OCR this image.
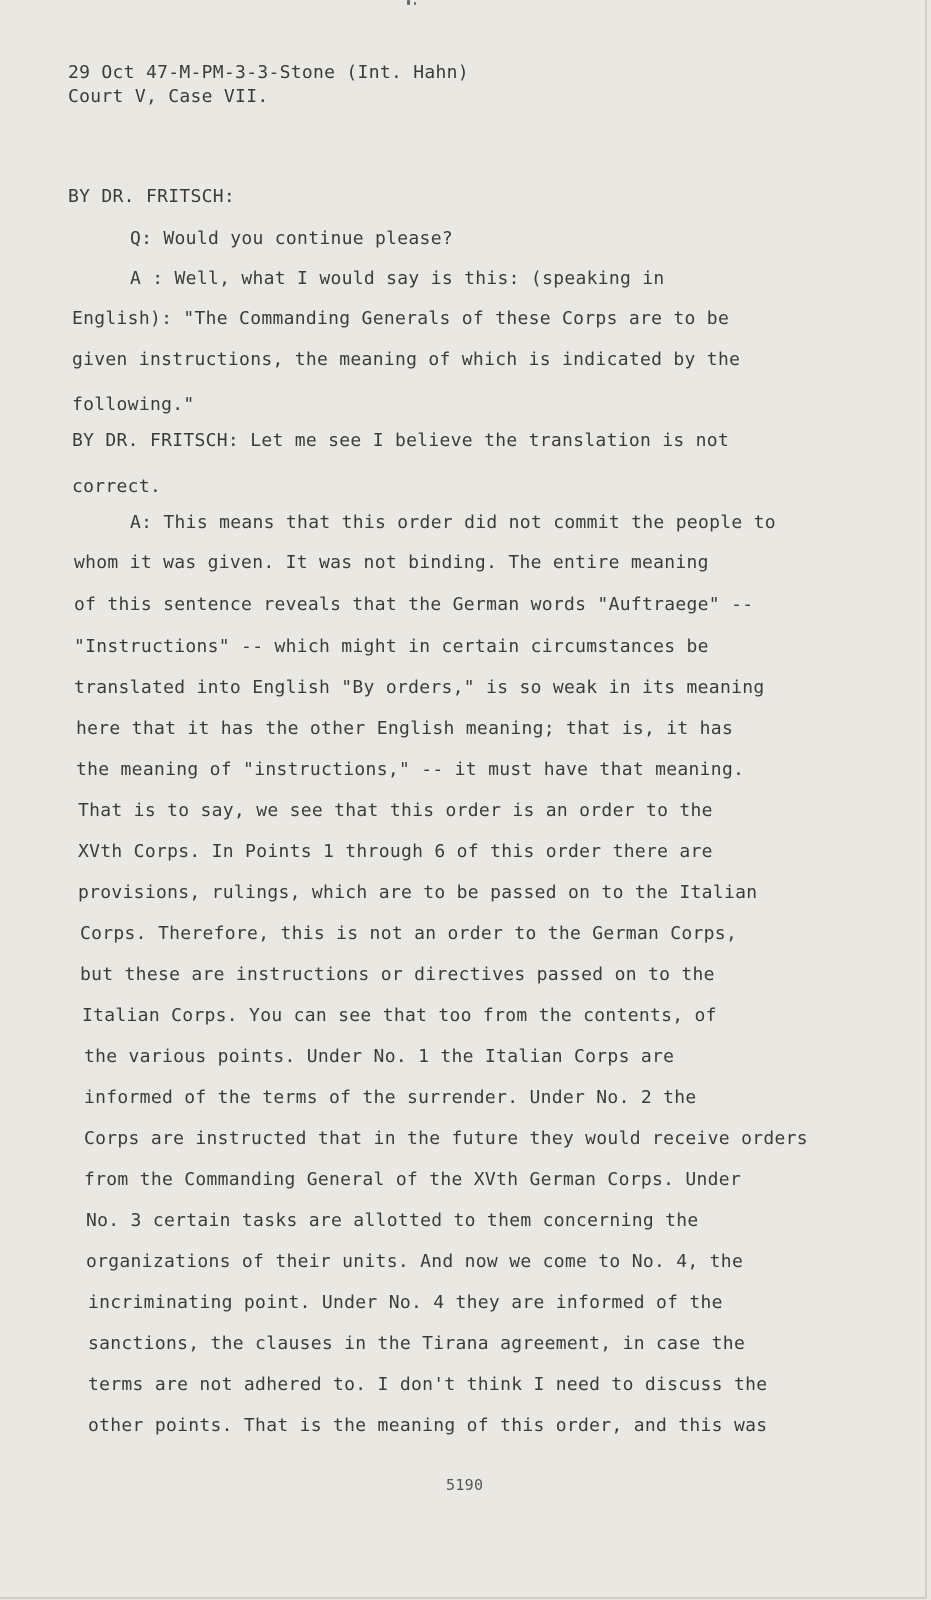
29 Oct 47-M-PM-3-3-Stone (Int. Hahn)
Court V, Case VII.
BY DR. FRITSCH:
Q: Would you continue please?
A : Well, what I would say is this: (speaking in
English): "The Commanding Generals of these Corps are to be
given instructions, the meaning of which is indicated by the
following."
BY DR. FRITSCH: Let me see I believe the translation is not
correct.
A: This means that this order did not commit the people to
whom it was given. It was not binding. The entire meaning
of this sentence reveals that the German words "Auftraege" --
"Instructions" -- which might in certain circumstances be
translated into English "By orders," is so weak in its meaning
here that it has the other English meaning; that is, it has
the meaning of "instructions," -- it must have that meaning.
That is to say, we see that this order is an order to the
XVth Corps. In Points 1 through 6 of this order there are
provisions, rulings, which are to be passed on to the Italian
Corps. Therefore, this is not an order to the German Corps,
but these are instructions or directives passed on to the
Italian Corps. You can see that too from the contents, of
the various points. Under No. 1 the Italian Corps are
informed of the terms of the surrender. Under No. 2 the
Corps are instructed that in the future they would receive orders
from the Commanding General of the XVth German Corps. Under
No. 3 certain tasks are allotted to them concerning the
organizations of their units. And now we come to No. 4, the
incriminating point. Under No. 4 they are informed of the
sanctions, the clauses in the Tirana agreement, in case the
terms are not adhered to. I don't think I need to discuss the
other points. That is the meaning of this order, and this was
5190
